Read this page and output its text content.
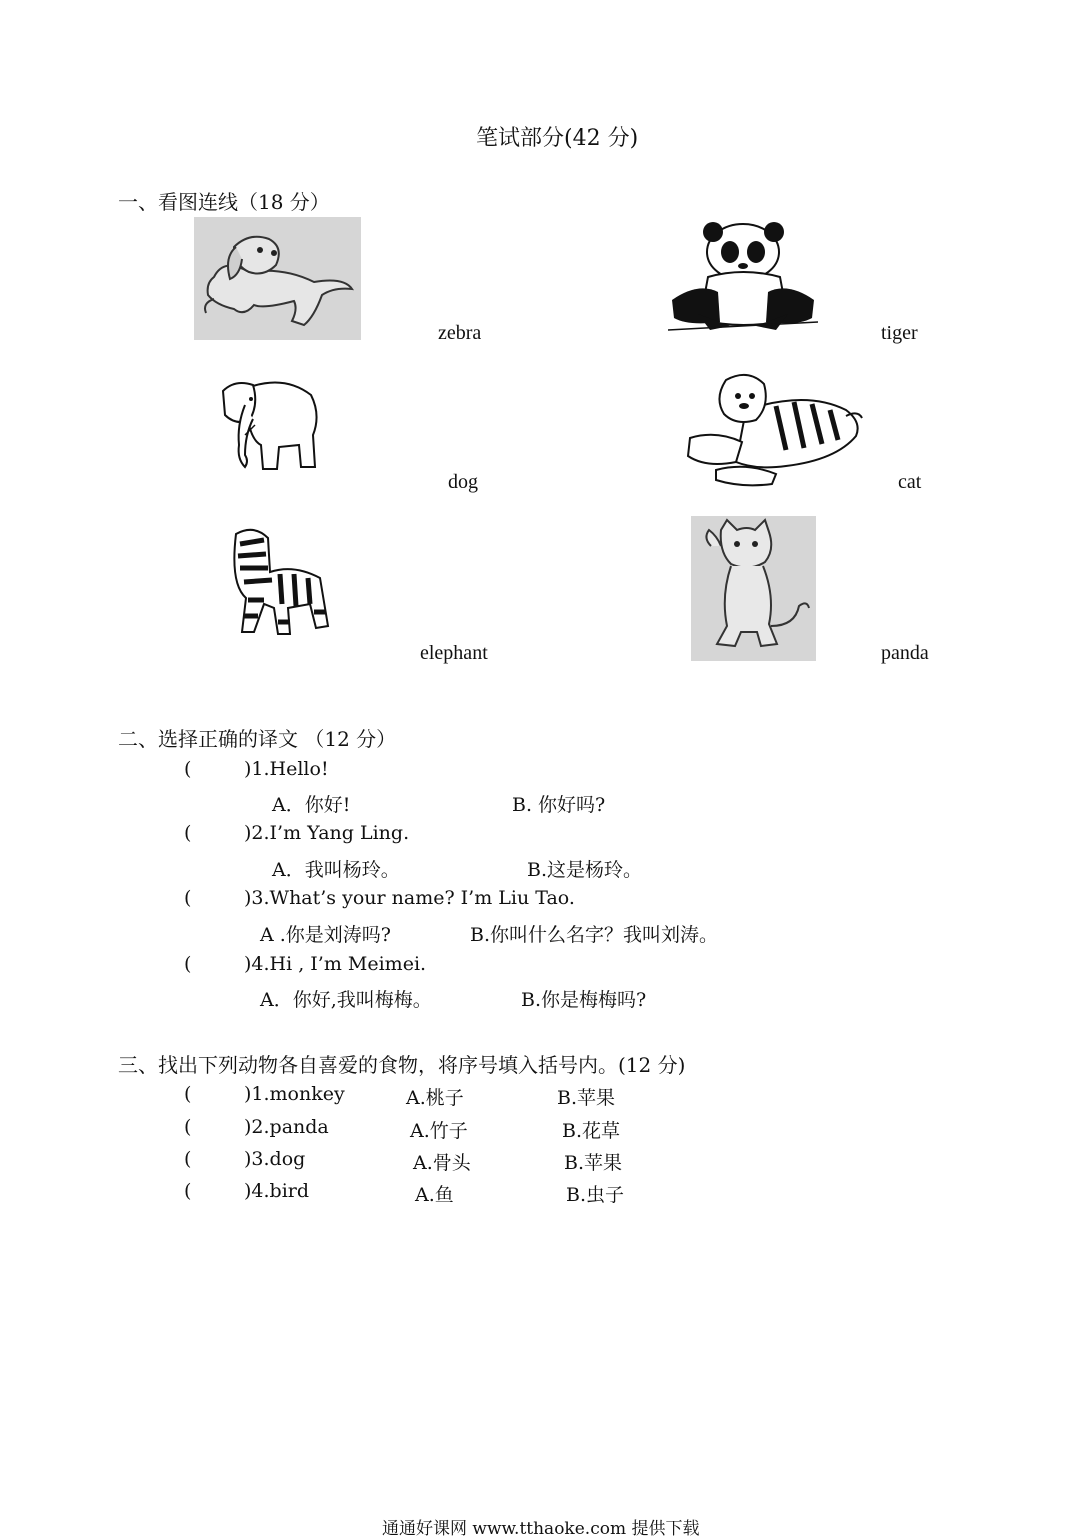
笔试部分(42 分)
一、看图连线（18 分）
zebra	tiger
dog	cat
elephant	panda
二、选择正确的译文 （12 分）
(	)1.Hello!
A．你好!	B. 你好吗?
(	)2.I’m Yang Ling.
A．我叫杨玲。	B.这是杨玲。
(	)3.What’s your name? I’m Liu Tao.
A .你是刘涛吗?	B.你叫什么名字？我叫刘涛。
(	)4.Hi , I’m Meimei.
A．你好,我叫梅梅。	B.你是梅梅吗?
三、找出下列动物各自喜爱的食物，将序号填入括号内。(12 分)
(	)1.monkey	A.桃子	B.苹果
(	)2.panda	A.竹子	B.花草
(	)3.dog	A.骨头	B.苹果
(	)4.bird	A.鱼	B.虫子
通通好课网 www.tthaoke.com 提供下载
